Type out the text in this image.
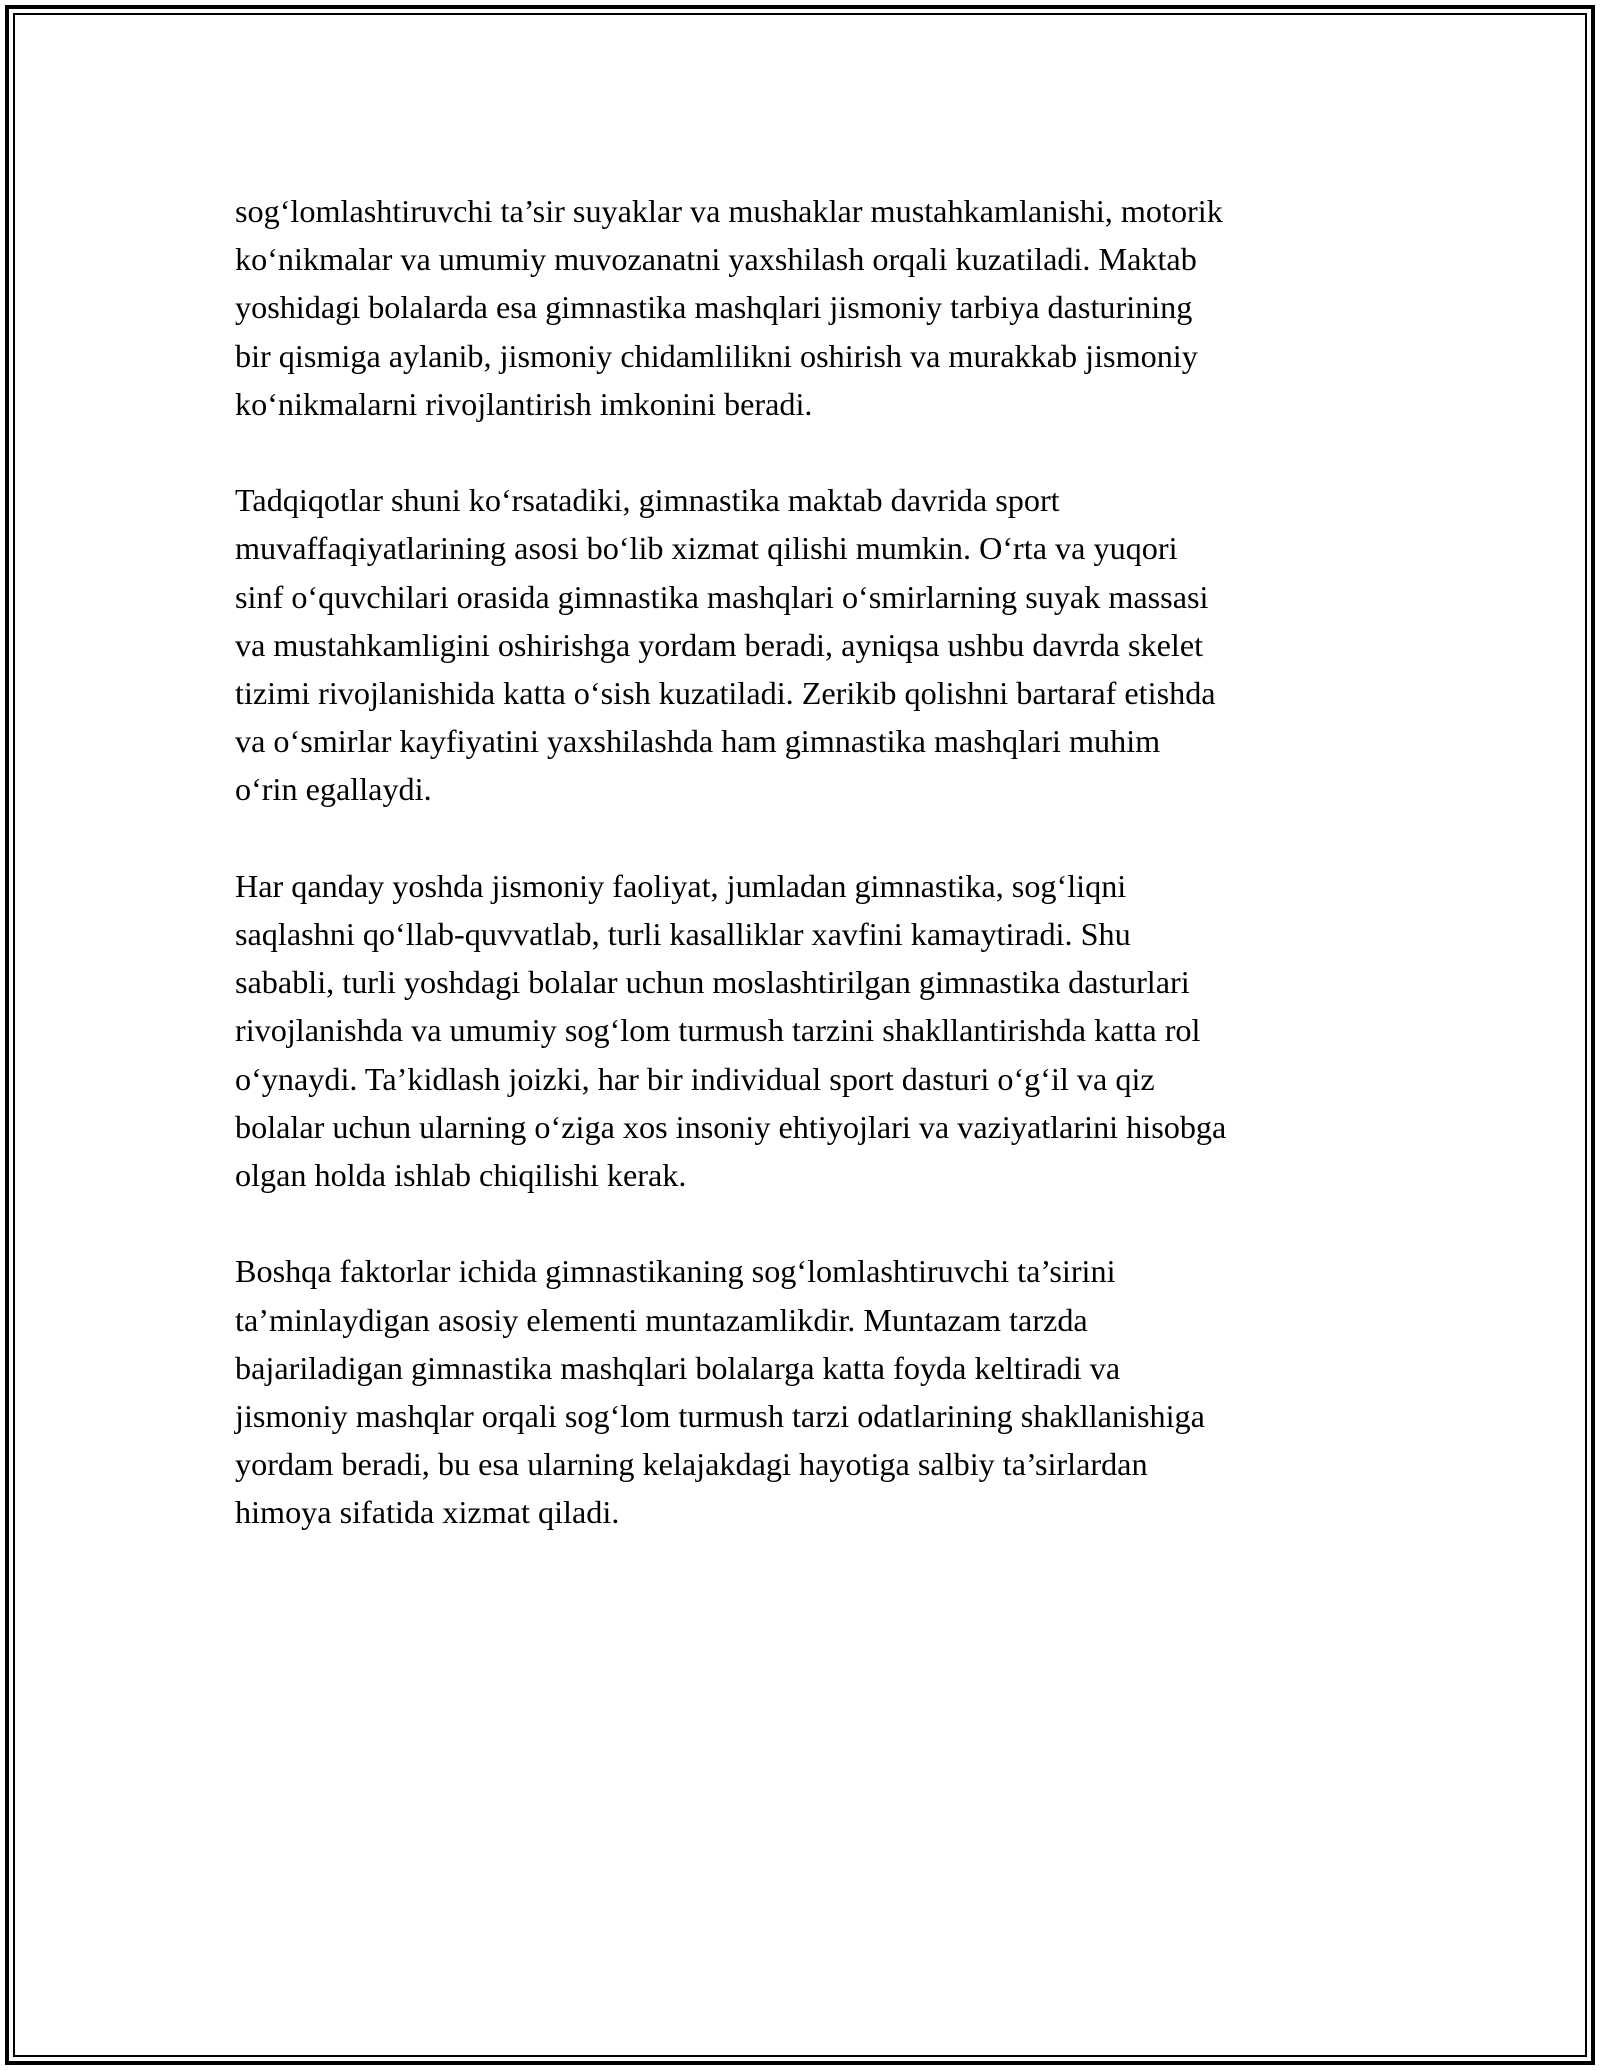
sog‘lomlashtiruvchi ta’sir suyaklar va mushaklar mustahkamlanishi, motorik
ko‘nikmalar va umumiy muvozanatni yaxshilash orqali kuzatiladi. Maktab
yoshidagi bolalarda esa gimnastika mashqlari jismoniy tarbiya dasturining
bir qismiga aylanib, jismoniy chidamlilikni oshirish va murakkab jismoniy
ko‘nikmalarni rivojlantirish imkonini beradi.

Tadqiqotlar shuni ko‘rsatadiki, gimnastika maktab davrida sport
muvaffaqiyatlarining asosi bo‘lib xizmat qilishi mumkin. O‘rta va yuqori
sinf o‘quvchilari orasida gimnastika mashqlari o‘smirlarning suyak massasi
va mustahkamligini oshirishga yordam beradi, ayniqsa ushbu davrda skelet
tizimi rivojlanishida katta o‘sish kuzatiladi. Zerikib qolishni bartaraf etishda
va o‘smirlar kayfiyatini yaxshilashda ham gimnastika mashqlari muhim
o‘rin egallaydi.

Har qanday yoshda jismoniy faoliyat, jumladan gimnastika, sog‘liqni
saqlashni qo‘llab-quvvatlab, turli kasalliklar xavfini kamaytiradi. Shu
sababli, turli yoshdagi bolalar uchun moslashtirilgan gimnastika dasturlari
rivojlanishda va umumiy sog‘lom turmush tarzini shakllantirishda katta rol
o‘ynaydi. Ta’kidlash joizki, har bir individual sport dasturi o‘g‘il va qiz
bolalar uchun ularning o‘ziga xos insoniy ehtiyojlari va vaziyatlarini hisobga
olgan holda ishlab chiqilishi kerak.

Boshqa faktorlar ichida gimnastikaning sog‘lomlashtiruvchi ta’sirini
ta’minlaydigan asosiy elementi muntazamlikdir. Muntazam tarzda
bajariladigan gimnastika mashqlari bolalarga katta foyda keltiradi va
jismoniy mashqlar orqali sog‘lom turmush tarzi odatlarining shakllanishiga
yordam beradi, bu esa ularning kelajakdagi hayotiga salbiy ta’sirlardan
himoya sifatida xizmat qiladi.
